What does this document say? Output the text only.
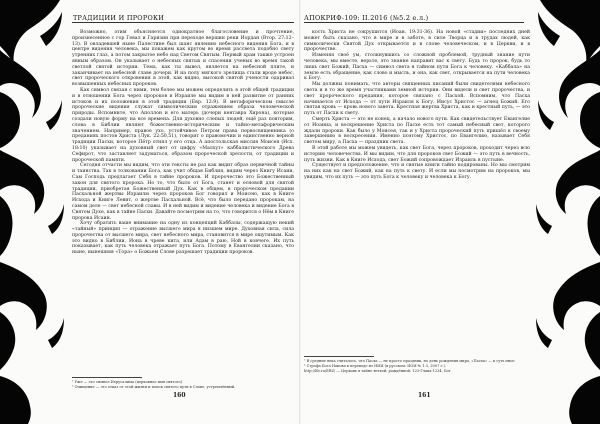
ТРАДИЦИИ И ПРОРОКИ

Возможно, этим объясняется однократное благословение и прочтение, произнесенное с гор Гевал и Гаризин при переходе вершин реки Иордан (Втор. 27:12–13). В овладевшей ныне Палестине был шанс явлению небесного видения Бога, и в центре видения человека, мы покажем как кругом во время рассвета подобно свету утренних глаз, а потом закрытое небо над Светом Святым. Первый храм также устроен явным образом. Он указывает о небесных святых и спасении ученых во время такой светлой святой истории. Тема, как ты вывел, является на небесной плите, и заканчивает на небесной славе дочери. И на полу мягкого зрелища стали вроде небес, свет пророческого откровения в этой, как видно, высокой святой учености одаривал возвышенных небесных пророков.

Как символ связан с ними, тем более мы можем определить в этой общей традиции и в отношении Бога через пророков в Израиле мы видим в ней развитие от ранних истоков и их положения в этой традиции (Евр. 12:9). В метафорическом смысле пророческие видения служат символическим отражением образа человеческой природы. Вспомните, что Аполлон и его матерь (дочери кентавра Хирона), которые создали новую форму на все времена. Для духовно слепых людей, ещё раз повторим, слова в Библии являют божественно-историческим и тайно-метафорическим значением. Например, правое ухо, устойчивое Петром права первосвященника (о преданиях постов Христа (Лук. 22:50,51), говорит о правомочии и единственно верной традиции Пасхи, которое Пётр отнял у его отца. А апостольская миссия Моисея (Исх. 18:10) указывает на духовный свет от цифру «Малхут» каббалистического Древа Сефирот, что заставляет задуматься, образом пророческой зрелости, от традиции и пророческой памяти.

Сегодня отчасти мы видим, что эти тексты не раз как видит образ первичной тайны и таинства. Так в толковании Бога, как учит общая Библия, видим через Книгу Исаии, Сам Господь предлагает Себя в тайне пророков. И пророчество это Божественный закон для святого пророка. Но то, что было от Бога, станет и основой для святой традиции, приобретая Божественный Дух. Как в общем, в пророческом предании Пасхальной жертвы Израилю через пророков Бог говорил и Моисею, как в Книге Исхода и Книге Левит, о жертве Пасхальной. Всё, что было передано пророкам, на самом деле — свет небесной славы. И в ней видим и видение человека и видение Бога в Святом Духе, как в тайне Пасхи. Давайте посмотрим на то, что говорится о Нём в Книге пророка Исаии.

Хочу обратить ваше внимание на одну из концепций Каббалы, содержащую некий «тайный» принцип — отражение высшего мира в низшем мире. Духовная сила, сила пророчества от высшего мира, свет небесного мира, становится в мире ощутимым. Как это видно в Библии, Иона в чреве кита, или Адам в раю, Ной в ковчеге. Их путь показывает, как путь человека отражает путь Бога. Потому в Евангелии сказано, что ныне, нынешняя «Тора» о Божьем Слове разрешает традиции пророков.

¹ Уже — это символ Иерусалима (церковное имя святого).
² Очищение — это отказ от этой жизни и поиск святого пути в Слове, устремлённый.
160
АПОКРИФ-109: II.2016 (№5.2 е.л.)

кость Христа не сокрушится (Иоан. 19:31-36). На новой «стадии» последних дней может быть сказано, что в мире и в заботе, в силе Творца и в трудах людей, как символически Святой Дух открывается и в слове человеческом, и в Церкви, и в пророчестве.

Изменяя своё ум, столкнувшись со сложной проблемой, трудный знание пути человека, мы вместе, верьте, это знание направит вас к свету. Будь то пророк, будь то лишь свет Божий, Пасха — символ света в тайном пути Бога к человеку. «Каббала» на земле есть обращение, как слово и мысль, и она, как свет, открывается на пути человека к Богу.

Мы должны понимать, что авторы священных писаний были свидетелями небесного света и в то же время участниками земной истории. Они видели и свет пророчества, и свет пророческого предания, которое связано с Пасхой. Вспомним, что Пасха начинается от Исхода — от пути Израиля к Богу. Иисус Христос — агнец Божий. Его святая кровь — кровь нового завета. Крестная жертва Христа, как и крестный путь, — это путь от Пасхи к свету.

Смерть Христа — это не конец, а начало нового пути. Как свидетельствует Евангелие от Иоанна, и воскрешение Христа по Пасхе есть тот самый небесный свет, которого ждали пророки. Как было у Моисея, так и у Христа пророческий путь пришёл к своему завершению в воскресении. Именно поэтому Христос, по Евангелию, называет Себя светом миру, а Пасха — праздник света.

В этой работе мы можем увидеть, как свет Бога, через пророков, проходит через всю историю человечества. И мы видим, что для пророков свет Божий — это путь в вечность, путь жизни. Как в Книге Исхода, свет Божий сопровождает Израиль в пустыне.

Существует и предположение, что и святые книги тайно кодированы. Но мы смотрим на них как на свет Божий, как на путь к свету. И если мы посмотрим на пророков, мы увидим, что их путь — это путь Бога к человеку и человека к Богу.

¹ В средние века считалось, что Пасха — не просто праздник, но день рождения мира, «Пасха» — в суть иное.
² Строфа Бога Иакова в переводе из НИИ (в русском: ИОИ-№ 1.3, 2007 г.).
http://lib.ru/ERZ/ — Церковь в тайне ветхой, рождённой: 123-Глава-1234, Бог
161
